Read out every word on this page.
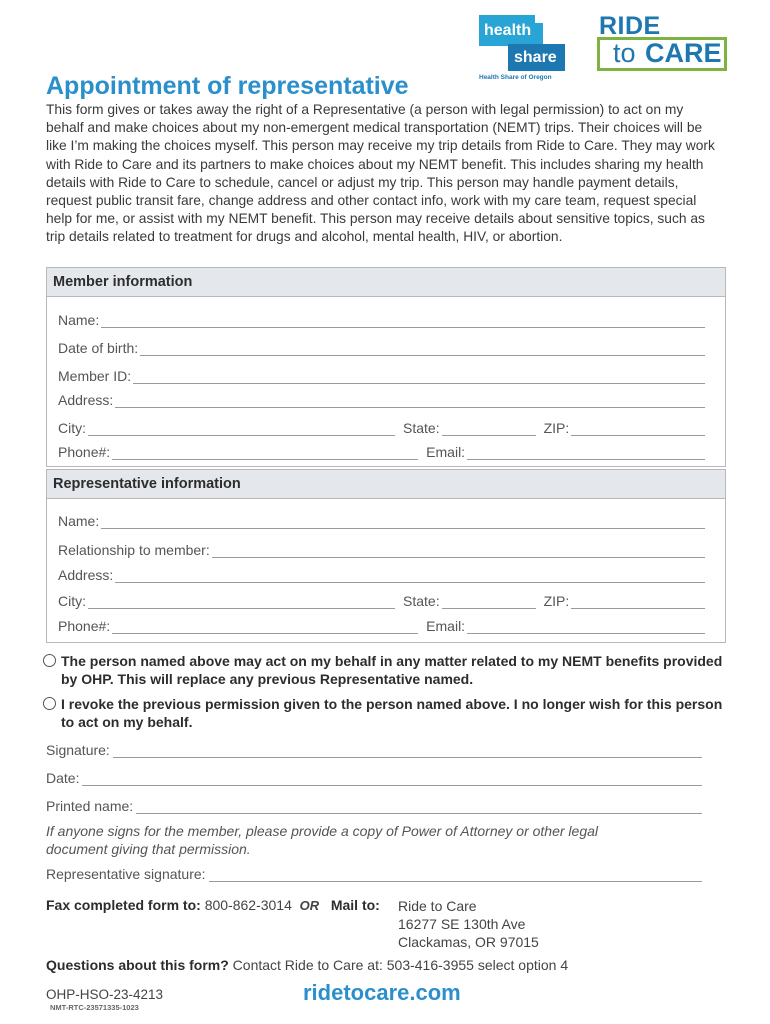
health
share
Health Share of Oregon
RIDE
to CARE
Appointment of representative
This form gives or takes away the right of a Representative (a person with legal permission) to act on my behalf and make choices about my non-emergent medical transportation (NEMT) trips. Their choices will be like I’m making the choices myself. This person may receive my trip details from Ride to Care. They may work with Ride to Care and its partners to make choices about my NEMT benefit. This includes sharing my health details with Ride to Care to schedule, cancel or adjust my trip. This person may handle payment details, request public transit fare, change address and other contact info, work with my care team, request special help for me, or assist with my NEMT benefit. This person may receive details about sensitive topics, such as trip details related to treatment for drugs and alcohol, mental health, HIV, or abortion.
Member information
Name:
Date of birth:
Member ID:
Address:
City:	State:	ZIP:
Phone#:	Email:
Representative information
Name:
Relationship to member:
Address:
City:	State:	ZIP:
Phone#:	Email:
The person named above may act on my behalf in any matter related to my NEMT benefits provided by OHP. This will replace any previous Representative named.
I revoke the previous permission given to the person named above. I no longer wish for this person to act on my behalf.
Signature:
Date:
Printed name:
If anyone signs for the member, please provide a copy of Power of Attorney or other legal document giving that permission.
Representative signature:
Fax completed form to: 800-862-3014 OR Mail to: Ride to Care
16277 SE 130th Ave
Clackamas, OR 97015
Questions about this form? Contact Ride to Care at: 503-416-3955 select option 4
OHP-HSO-23-4213
NMT-RTC-23571335-1023
ridetocare.com
